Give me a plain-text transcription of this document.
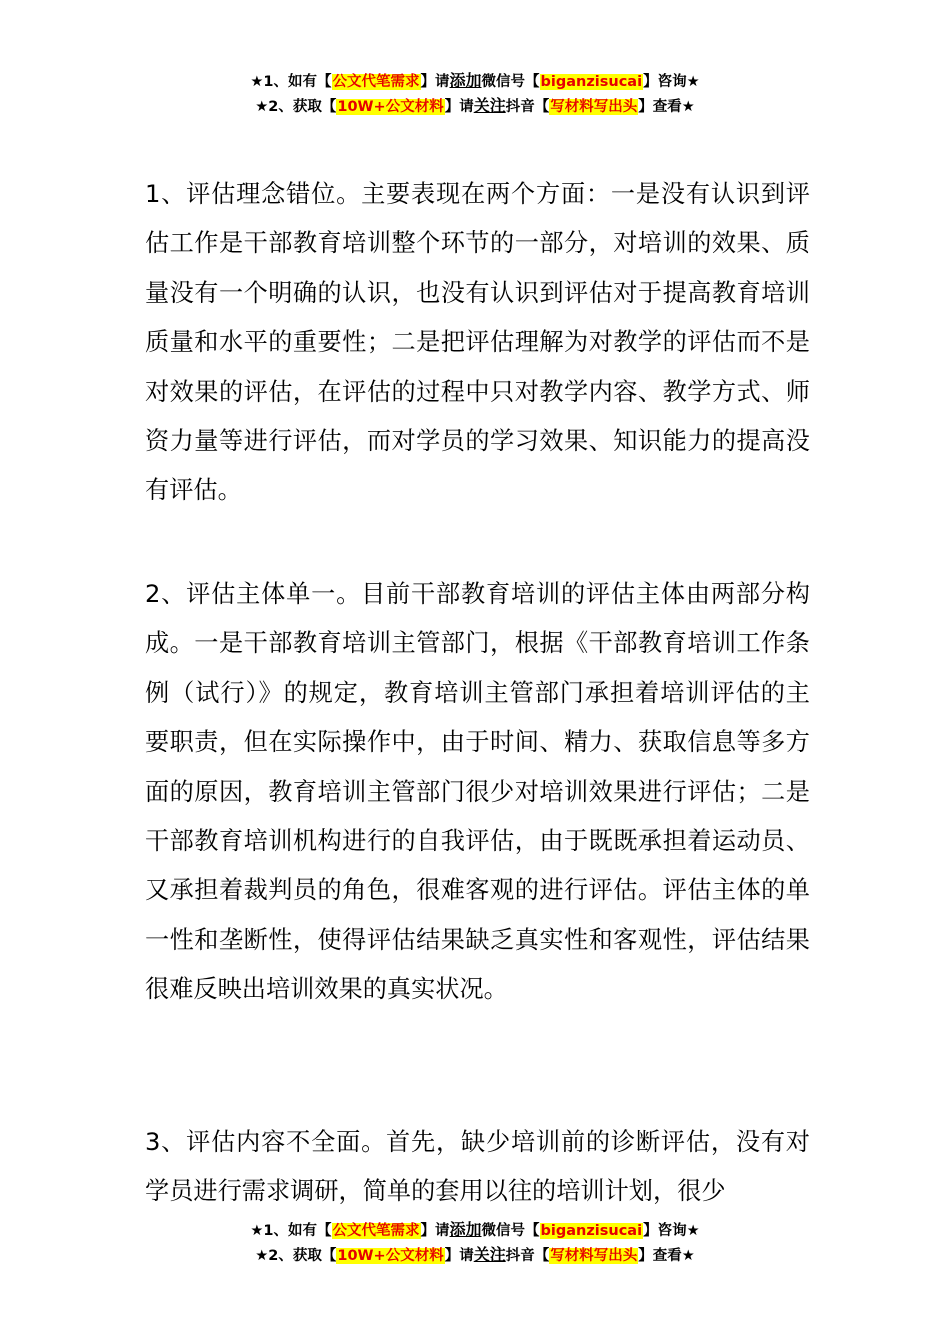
★1、如有【公文代笔需求】请添加微信号【biganzisucai】咨询★
★2、获取【10W+公文材料】请关注抖音【写材料写出头】查看★

1、评估理念错位。主要表现在两个方面：一是没有认识到评估工作是干部教育培训整个环节的一部分，对培训的效果、质量没有一个明确的认识，也没有认识到评估对于提高教育培训质量和水平的重要性；二是把评估理解为对教学的评估而不是对效果的评估，在评估的过程中只对教学内容、教学方式、师资力量等进行评估，而对学员的学习效果、知识能力的提高没有评估。

2、评估主体单一。目前干部教育培训的评估主体由两部分构成。一是干部教育培训主管部门，根据《干部教育培训工作条例（试行）》的规定，教育培训主管部门承担着培训评估的主要职责，但在实际操作中，由于时间、精力、获取信息等多方面的原因，教育培训主管部门很少对培训效果进行评估；二是干部教育培训机构进行的自我评估，由于既既承担着运动员、又承担着裁判员的角色，很难客观的进行评估。评估主体的单一性和垄断性，使得评估结果缺乏真实性和客观性，评估结果很难反映出培训效果的真实状况。

3、评估内容不全面。首先，缺少培训前的诊断评估，没有对学员进行需求调研，简单的套用以往的培训计划，很少

★1、如有【公文代笔需求】请添加微信号【biganzisucai】咨询★
★2、获取【10W+公文材料】请关注抖音【写材料写出头】查看★
